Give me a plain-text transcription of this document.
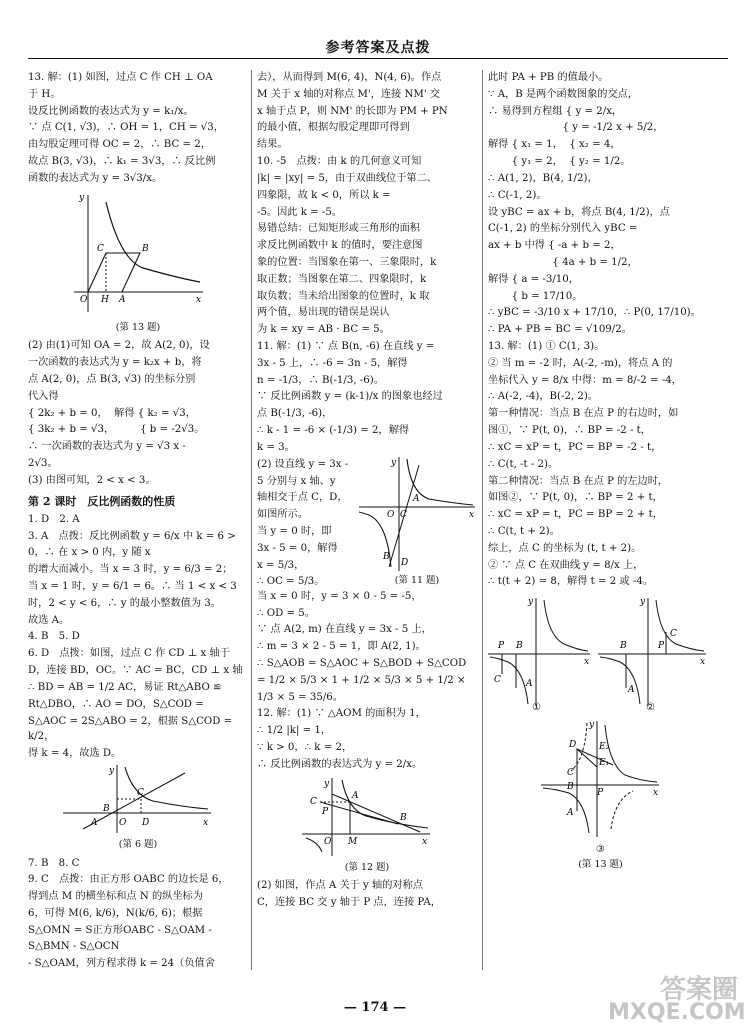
参考答案及点拨
13. 解：(1) 如图，过点 C 作 CH ⊥ OA
于 H。
设反比例函数的表达式为 y = k₁/x。
∵ 点 C(1, √3)，∴ OH = 1，CH = √3，
由勾股定理可得 OC = 2，∴ BC = 2，
故点 B(3, √3)，∴ k₁ = 3√3，∴ 反比例
函数的表达式为 y = 3√3/x。
O H A	x
y
C	B
(第 13 题)
(2) 由(1)可知 OA = 2，故 A(2, 0)，设
一次函数的表达式为 y = k₂x + b，将
点 A(2, 0)，点 B(3, √3) 的坐标分别
代入得
{ 2k₂ + b = 0，  解得 { k₂ = √3，
{ 3k₂ + b = √3，        { b = -2√3。
∴ 一次函数的表达式为 y = √3 x -
2√3。
(3) 由图可知，2 < x < 3。
第 2 课时　反比例函数的性质
1. D　2. A
3. A　点拨：反比例函数 y = 6/x 中 k = 6 >
0，∴ 在 x > 0 内，y 随 x
的增大而减小。当 x = 3 时，y = 6/3 = 2；
当 x = 1 时，y = 6/1 = 6。∴ 当 1 < x < 3
时，2 < y < 6，∴ y 的最小整数值为 3。
故选 A。
4. B　5. D
6. D　点拨：如图，过点 C 作 CD ⊥ x 轴于
D，连接 BD，OC。∵ AC = BC，CD ⊥ x 轴
∴ BD = AB = 1/2 AC，易证 Rt△ABO ≌
Rt△DBO，∴ AO = DO，S△COD =
S△AOC = 2S△ABO = 2，根据 S△COD = k/2，
得 k = 4，故选 D。
B
C
A O D	x
y
(第 6 题)
7. B　8. C
9. C　点拨：由正方形 OABC 的边长是 6，
得到点 M 的横坐标和点 N 的纵坐标为
6，可得 M(6, k/6)，N(k/6, 6)；根据
S△OMN = S正方形OABC - S△OAM - S△BMN - S△OCN
- S△OAM，列方程求得 k = 24（负值舍
去），从而得到 M(6, 4)，N(4, 6)。作点
M 关于 x 轴的对称点 M'，连接 NM' 交
x 轴于点 P，则 NM' 的长即为 PM + PN
的最小值，根据勾股定理即可得到
结果。
10. -5　点拨：由 k 的几何意义可知
|k| = |xy| = 5，由于双曲线位于第二、
四象限，故 k < 0，所以 k =
-5。因此 k = -5。
易错总结：已知矩形或三角形的面积
求反比例函数中 k 的值时，要注意图
象的位置：当图象在第一、三象限时，k
取正数；当图象在第二、四象限时，k
取负数；当未给出图象的位置时，k 取
两个值，易出现的错误是误认
为 k = xy = AB · BC = 5。
11. 解：(1) ∵ 点 B(n, -6) 在直线 y =
3x - 5 上，∴ -6 = 3n - 5，解得
n = -1/3，∴ B(-1/3, -6)。
∵ 反比例函数 y = (k-1)/x 的图象也经过
点 B(-1/3, -6)，
∴ k - 1 = -6 × (-1/3) = 2，解得
k = 3。
(2) 设直线 y = 3x -
5 分别与 x 轴、y
轴相交于点 C，D，
如图所示。
当 y = 0 时，即
3x - 5 = 0，解得
x = 5/3，
∴ OC = 5/3。
A
C
O
B
D
x
y
(第 11 题)
当 x = 0 时，y = 3 × 0 - 5 = -5，
∴ OD = 5。
∵ 点 A(2, m) 在直线 y = 3x - 5 上，
∴ m = 3 × 2 - 5 = 1，即 A(2, 1)。
∴ S△AOB = S△AOC + S△BOD + S△COD
= 1/2 × 5/3 × 1 + 1/2 × 5/3 × 5 + 1/2 ×
1/3 × 5 = 35/6。
12. 解：(1) ∵ △AOM 的面积为 1，
∴ 1/2 |k| = 1，
∵ k > 0，∴ k = 2，
∴ 反比例函数的表达式为 y = 2/x。
C
A
P
B
O M	x
y
(第 12 题)
(2) 如图，作点 A 关于 y 轴的对称点
C，连接 BC 交 y 轴于 P 点，连接 PA，
此时 PA + PB 的值最小。
∵ A，B 是两个函数图象的交点，
∴ 易得到方程组 { y = 2/x，
　　　　　　　 { y = -1/2 x + 5/2，
解得 { x₁ = 1，  { x₂ = 4，
　　 { y₁ = 2，  { y₂ = 1/2。
∴ A(1, 2)，B(4, 1/2)，
∴ C(-1, 2)。
设 yBC = ax + b，将点 B(4, 1/2)，点
C(-1, 2) 的坐标分别代入 yBC =
ax + b 中得 { -a + b = 2，
　　　　　　 { 4a + b = 1/2，
解得 { a = -3/10，
　　 { b = 17/10。
∴ yBC = -3/10 x + 17/10，∴ P(0, 17/10)。
∴ PA + PB = BC = √109/2。
13. 解：(1) ① C(1, 3)。
② 当 m = -2 时，A(-2, -m)，将点 A 的
坐标代入 y = 8/x 中得：m = 8/-2 = -4，
∴ A(-2, -4)，B(-2, 2)。
第一种情况：当点 B 在点 P 的右边时，如
图①，∵ P(t, 0)，∴ BP = -2 - t，
∴ xC = xP = t，PC = BP = -2 - t，
∴ C(t, -t - 2)。
第二种情况：当点 B 在点 P 的左边时，
如图②，∵ P(t, 0)，∴ BP = 2 + t，
∴ xC = xP = t，PC = BP = 2 + t，
∴ C(t, t + 2)。
综上，点 C 的坐标为 (t, t + 2)。
② ∵ 点 C 在双曲线 y = 8/x 上，
∴ t(t + 2) = 8，解得 t = 2 或 -4。
P B
C	A
x
y
B	P
C
A
x
y
①	②
D	E₂
E₁
C
B
P
A
x
y
③
(第 13 题)
— 174 —
答案圈
MXQE.COM
